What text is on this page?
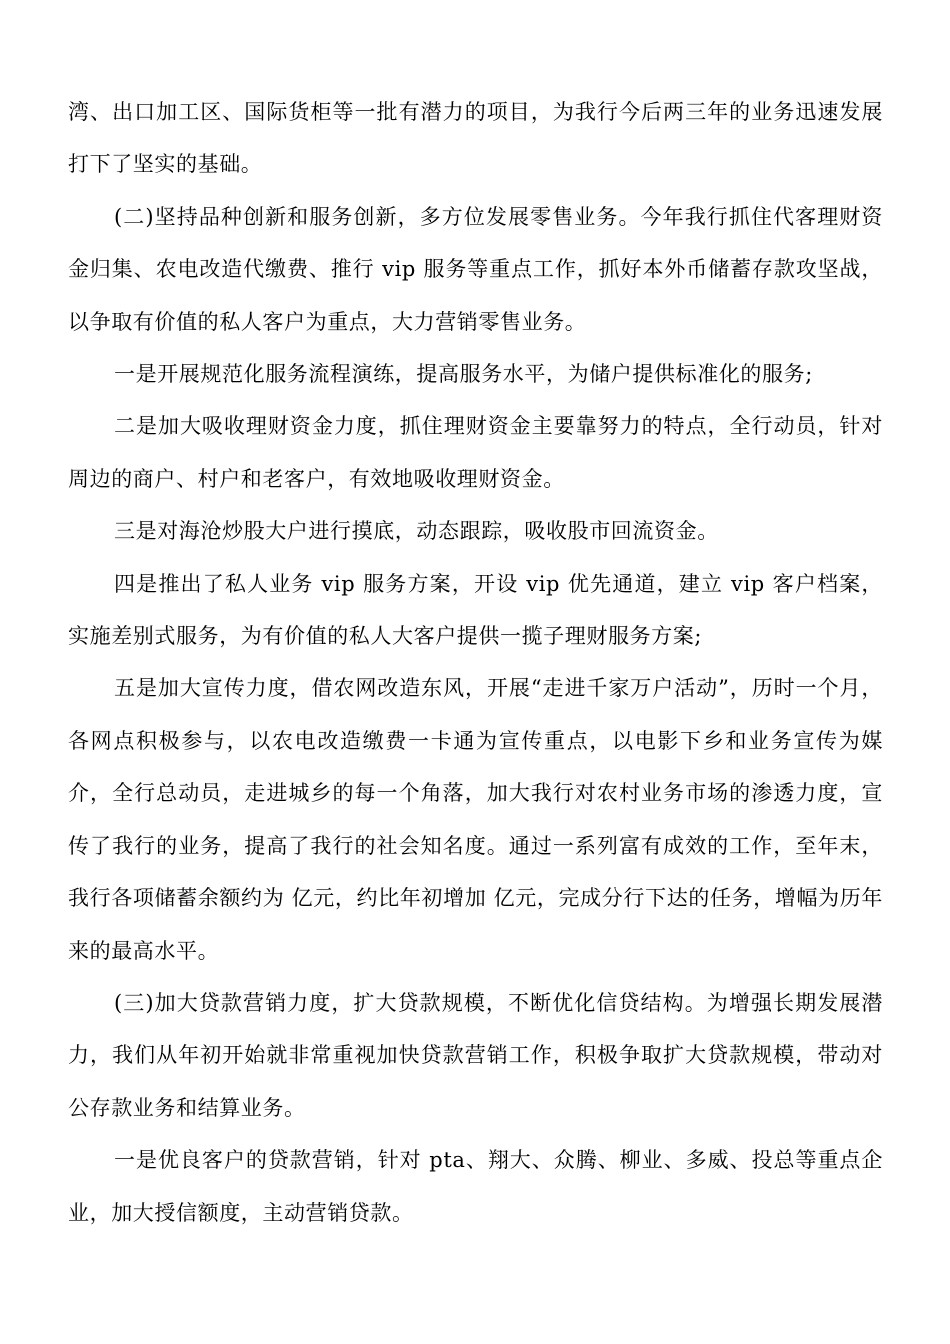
湾、出口加工区、国际货柜等一批有潜力的项目，为我行今后两三年的业务迅速发展打下了坚实的基础。

(二)坚持品种创新和服务创新，多方位发展零售业务。今年我行抓住代客理财资金归集、农电改造代缴费、推行 vip 服务等重点工作，抓好本外币储蓄存款攻坚战，以争取有价值的私人客户为重点，大力营销零售业务。

一是开展规范化服务流程演练，提高服务水平，为储户提供标准化的服务;

二是加大吸收理财资金力度，抓住理财资金主要靠努力的特点，全行动员，针对周边的商户、村户和老客户，有效地吸收理财资金。

三是对海沧炒股大户进行摸底，动态跟踪，吸收股市回流资金。

四是推出了私人业务 vip 服务方案，开设 vip 优先通道，建立 vip 客户档案，实施差别式服务，为有价值的私人大客户提供一揽子理财服务方案;

五是加大宣传力度，借农网改造东风，开展“走进千家万户活动”，历时一个月，各网点积极参与，以农电改造缴费一卡通为宣传重点，以电影下乡和业务宣传为媒介，全行总动员，走进城乡的每一个角落，加大我行对农村业务市场的渗透力度，宣传了我行的业务，提高了我行的社会知名度。通过一系列富有成效的工作，至年末，我行各项储蓄余额约为 亿元，约比年初增加 亿元，完成分行下达的任务，增幅为历年来的最高水平。

(三)加大贷款营销力度，扩大贷款规模，不断优化信贷结构。为增强长期发展潜力，我们从年初开始就非常重视加快贷款营销工作，积极争取扩大贷款规模，带动对公存款业务和结算业务。

一是优良客户的贷款营销，针对 pta、翔大、众腾、柳业、多威、投总等重点企业，加大授信额度，主动营销贷款。
